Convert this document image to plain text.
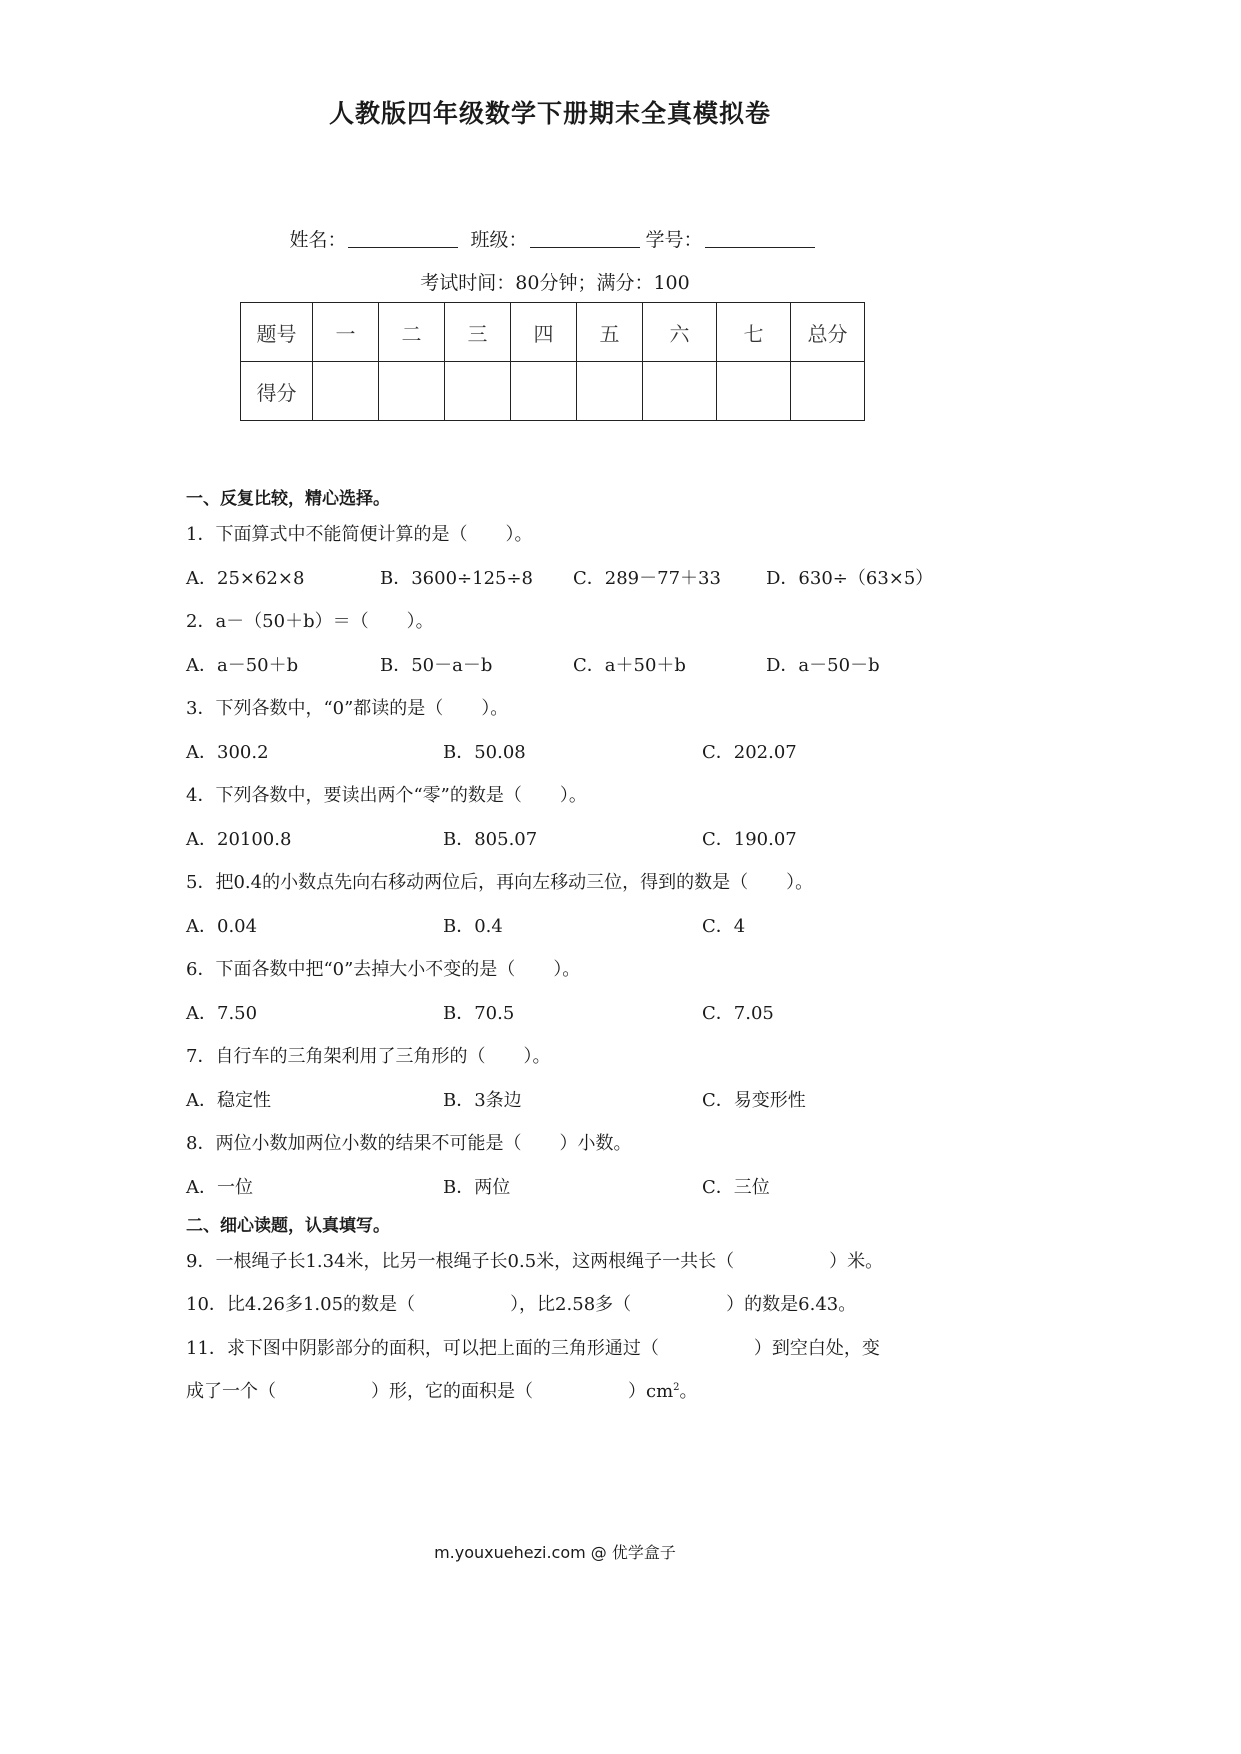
人教版四年级数学下册期末全真模拟卷
姓名：	班级：	学号：
考试时间：80分钟；满分：100
题号	一	二	三	四	五	六	七	总分
得分								
一、反复比较，精心选择。
1．下面算式中不能简便计算的是（ ）。
A．25×62×8	B．3600÷125÷8 C．289－77＋33	D．630÷（63×5）
2．a－（50＋b）＝（ ）。
A．a－50＋b	B．50－a－b	C．a＋50＋b	D．a－50－b
3．下列各数中，“0”都读的是（ ）。
A．300.2	B．50.08	C．202.07
4．下列各数中，要读出两个“零”的数是（ ）。
A．20100.8	B．805.07	C．190.07
5．把0.4的小数点先向右移动两位后，再向左移动三位，得到的数是（ ）。
A．0.04	B．0.4	C．4
6．下面各数中把“0”去掉大小不变的是（ ）。
A．7.50	B．70.5	C．7.05
7．自行车的三角架利用了三角形的（ ）。
A．稳定性	B．3条边	C．易变形性
8．两位小数加两位小数的结果不可能是（ ）小数。
A．一位	B．两位	C．三位
二、细心读题，认真填写。
9．一根绳子长1.34米，比另一根绳子长0.5米，这两根绳子一共长（	）米。
10．比4.26多1.05的数是（	），比2.58多（	）的数是6.43。
11．求下图中阴影部分的面积，可以把上面的三角形通过（	）到空白处，变
成了一个（	）形，它的面积是（	）$cm^2$。
m.youxuehezi.com @ 优学盒子
